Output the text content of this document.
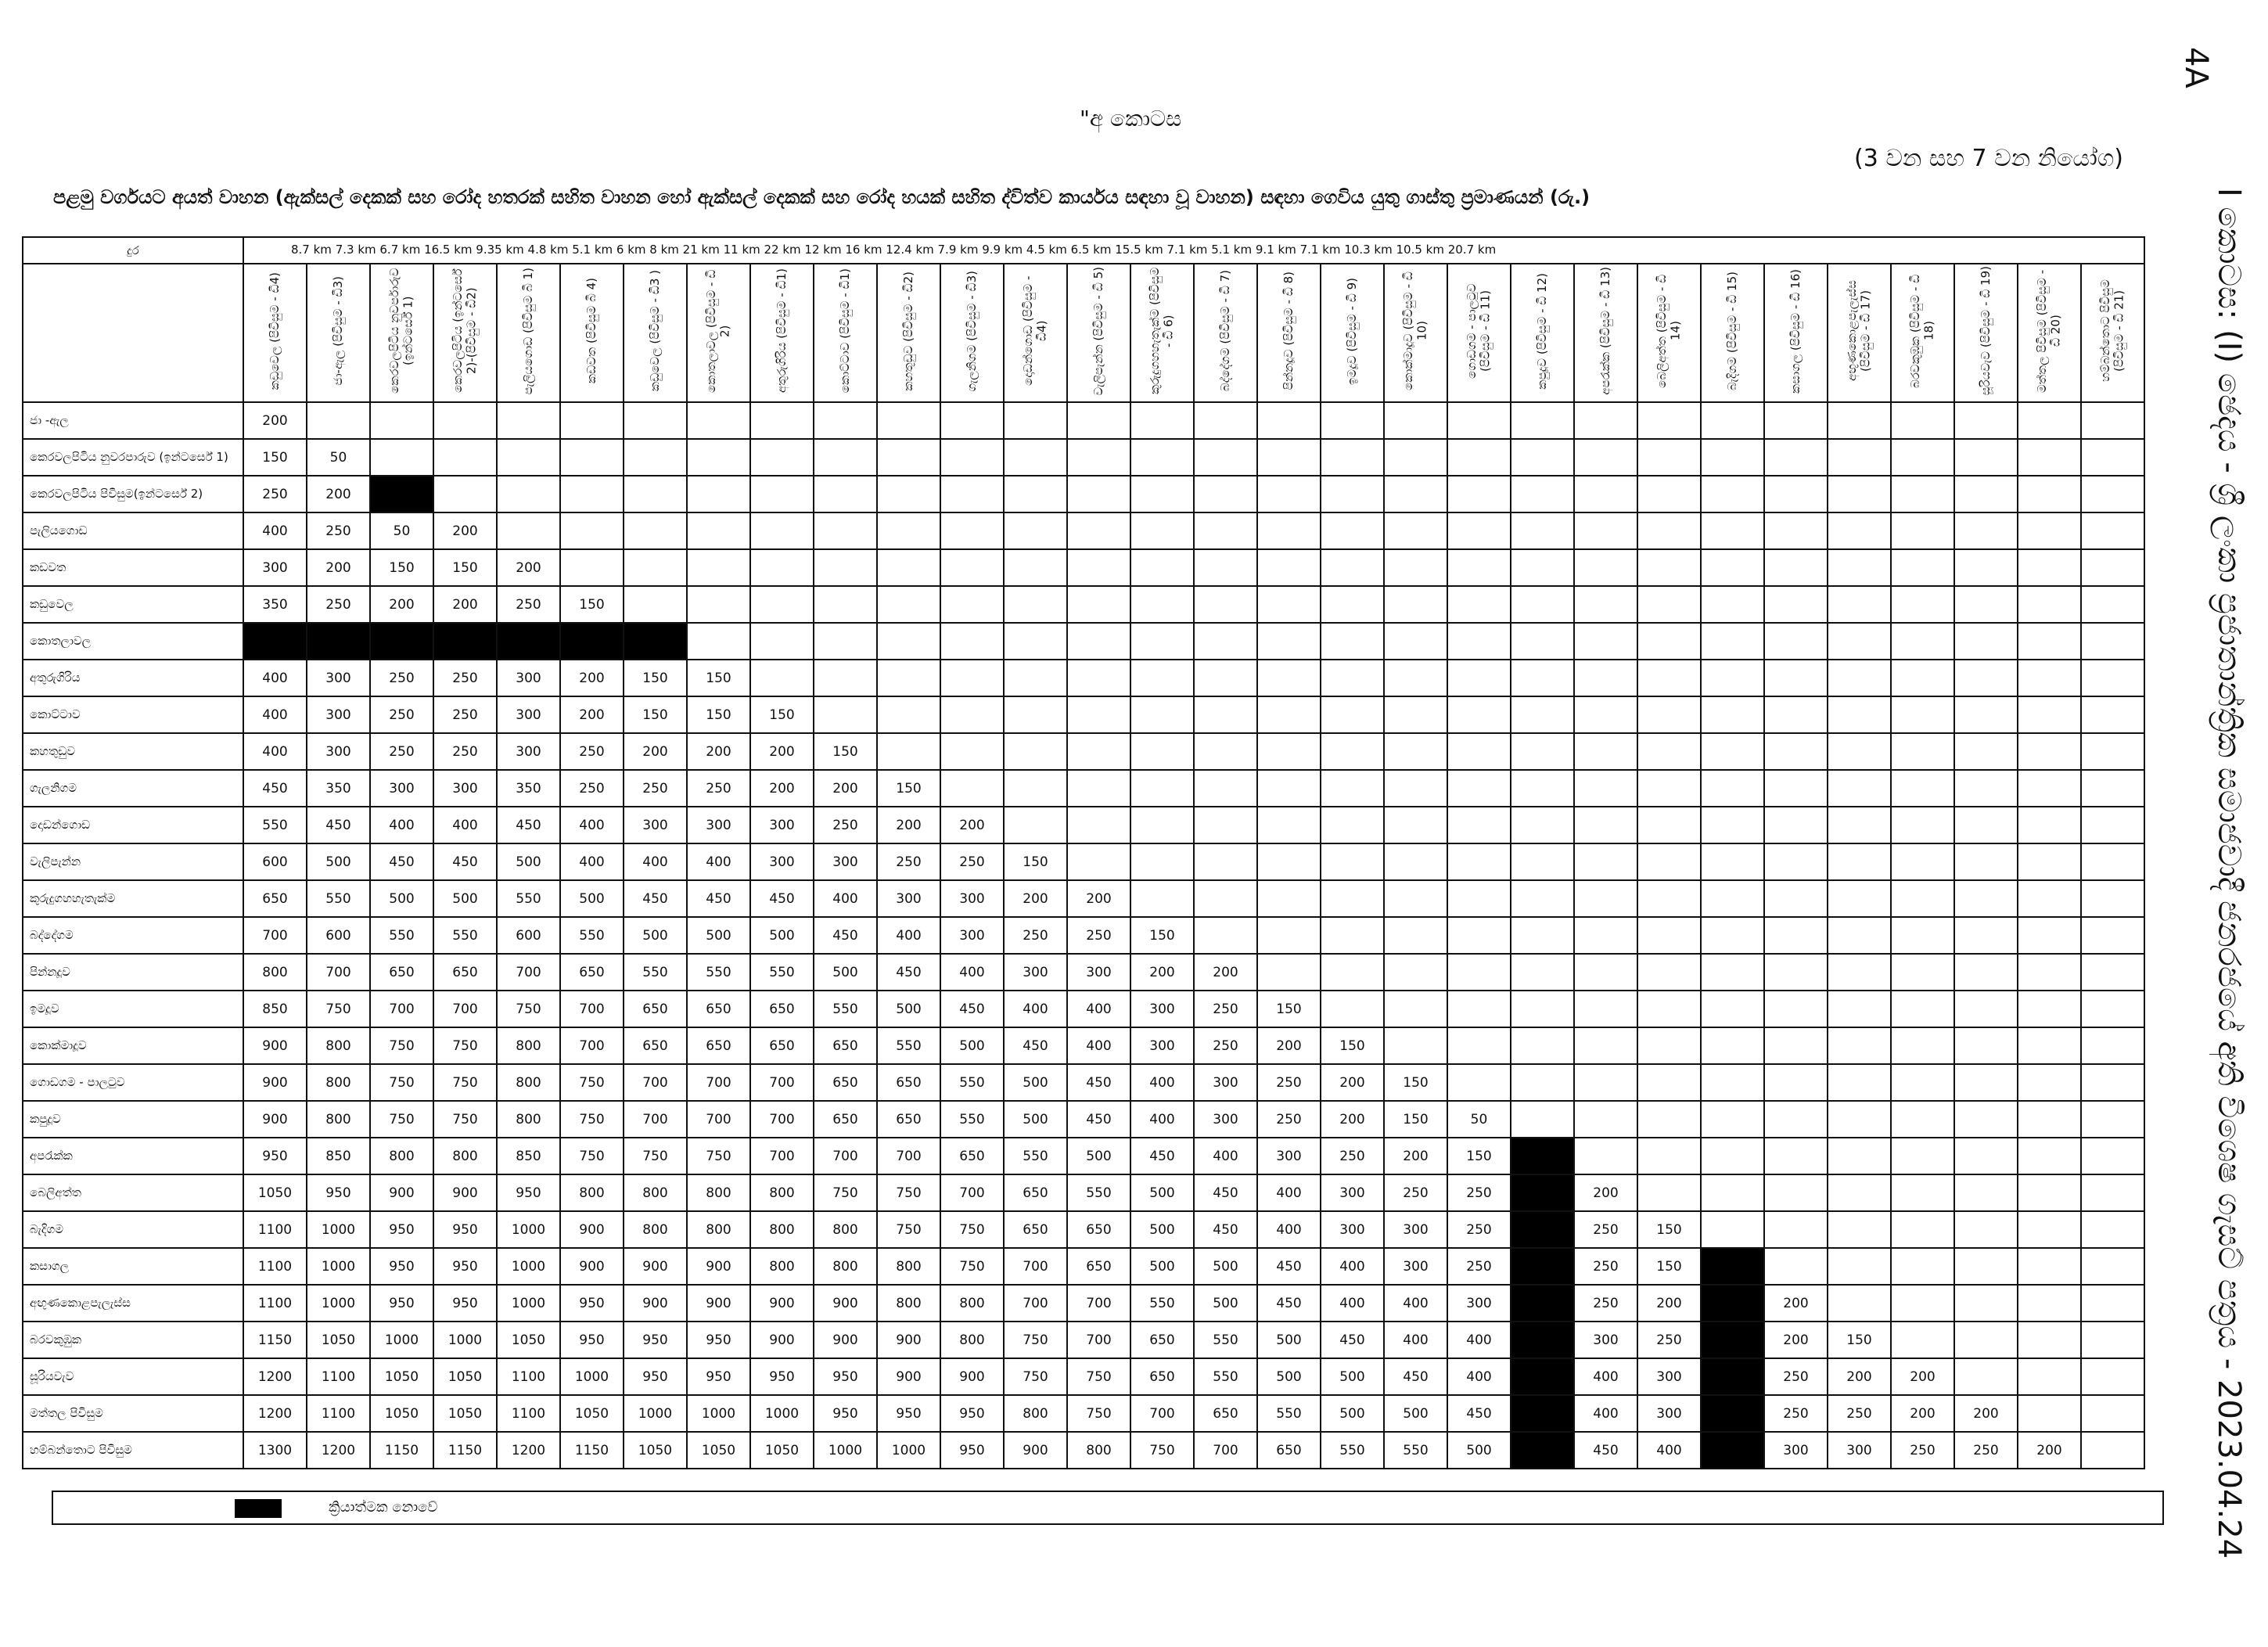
4A
I කොටස: (I) ඡෙදය - ශ්‍රී ලංකා ප්‍රජාතාන්ත්‍රික සමාජවාදී ජනරජයේ අති විශෙෂ ගැසට් පත්‍රය - 2023.04.24
"අ කොටස
(3 වන සහ 7 වන නියෝග)
පළමු වර්ගයට අයත් වාහන (ඇක්සල් දෙකක් සහ රෝද හතරක් සහිත වාහන හෝ ඇක්සල් දෙකක් සහ රෝද හයක් සහිත ද්විත්ව කාර්යය සඳහා වූ වාහන) සඳහා ගෙවිය යුතු ගාස්තු ප්‍රමාණයන් (රු.)
දුර	8.7 km 7.3 km 6.7 km 16.5 km 9.35 km 4.8 km 5.1 km 6 km 8 km 21 km 11 km 22 km 12 km 16 km 12.4 km 7.9 km 9.9 km 4.5 km 6.5 km 15.5 km 7.1 km 5.1 km 9.1 km 7.1 km 10.3 km 10.5 km 20.7 km																													

	කඩුවෙල (පිවිසුම - ඩී4)	ජා-ඇල (පිවිසුම - ඩී3)	කෙරවලපිටිය නුවර්පාරුව (ඉන්ටර්සේ 1)	කෙරවලපිටිය (ඉන්ටර්සේ 2)-(පිවිසුම - ඩී2)	පැලියගොඩ (පිවිසුම බී 1)	කඩවත (පිවිසුම බී 4)	කඩුවෙල (පිවිසුම - ඩී3 )	කොතලාවල (පිවිසුම - ඩී 2)	අතුරුගිරිය (පිවිසුම - ඩී1)	කොට්ටාව (පිවිසුම - ඩී1)	කහතුඩුව (පිවිසුම - ඩී2)	ගැලනිගම (පිවිසුම - ඩී3)	දොඩන්ගොඩ (පිවිසුම - ඩී4)	වැලිපැන්න (පිවිසුම - ඩී 5)	කුරුදුගහහැතැක්ම (පිවිසුම - ඩී 6)	බද්දේගම (පිවිසුම - ඩී 7)	පින්නදූව (පිවිසුම - ඩී 8)	ඉමදූව (පිවිසුම - ඩී 9)	කොක්මාදූව (පිවිසුම - ඩී 10)	ගොඩගම - පාලටුව (පිවිසුම - ඩී 11)	කපුදූව (පිවිසුම - ඩී 12)	අපරැක්ක (පිවිසුම - ඩී 13)	බෙලිඅත්ත (පිවිසුම - ඩී 14)	බැදිගම (පිවිසුම - ඩී 15)	කසාගල (පිවිසුම - ඩී 16)	අඟුණකොළපැලැස්ස (පිවිසුම - ඩී 17)	බරවකුඹුක (පිවිසුම - ඩී 18)	සූරියවැව (පිවිසුම - ඩී 19)	මත්තල පිවිසුම (පිවිසුම - ඩී 20)	හම්බන්තොට පිවිසුම (පිවිසුම - ඩී 21)
ජා -ඇල	200																													
කෙරවලපිටිය නුවරපාරුව (ඉන්ටර්සේ 1)	150	50																												
කෙරවලපිටිය පිවිසුම(ඉන්ටර්සේ 2)	250	200																												
පැලියගොඩ	400	250	50	200																										
කඩවත	300	200	150	150	200																									
කඩුවෙල	350	250	200	200	250	150																								
කොතලාවල																														
අතුරුගිරිය	400	300	250	250	300	200	150	150																						
කොට්ටාව	400	300	250	250	300	200	150	150	150																					
කහතුඩුව	400	300	250	250	300	250	200	200	200	150																				
ගැලනිගම	450	350	300	300	350	250	250	250	200	200	150																			
දොඩන්ගොඩ	550	450	400	400	450	400	300	300	300	250	200	200																		
වැලිපැන්න	600	500	450	450	500	400	400	400	300	300	250	250	150																	
කුරුදුගහහැතැක්ම	650	550	500	500	550	500	450	450	450	400	300	300	200	200																
බද්දේගම	700	600	550	550	600	550	500	500	500	450	400	300	250	250	150															
පින්නදූව	800	700	650	650	700	650	550	550	550	500	450	400	300	300	200	200														
ඉමදූව	850	750	700	700	750	700	650	650	650	550	500	450	400	400	300	250	150													
කොක්මාදූව	900	800	750	750	800	700	650	650	650	650	550	500	450	400	300	250	200	150												
ගොඩගම - පාලටුව	900	800	750	750	800	750	700	700	700	650	650	550	500	450	400	300	250	200	150											
කපුදූව	900	800	750	750	800	750	700	700	700	650	650	550	500	450	400	300	250	200	150	50										
අපරැක්ක	950	850	800	800	850	750	750	750	700	700	700	650	550	500	450	400	300	250	200	150										
බෙලිඅත්ත	1050	950	900	900	950	800	800	800	800	750	750	700	650	550	500	450	400	300	250	250		200								
බැදිගම	1100	1000	950	950	1000	900	800	800	800	800	750	750	650	650	500	450	400	300	300	250		250	150							
කසාගල	1100	1000	950	950	1000	900	900	900	800	800	800	750	700	650	500	500	450	400	300	250		250	150							
අඟුණකොළපැලැස්ස	1100	1000	950	950	1000	950	900	900	900	900	800	800	700	700	550	500	450	400	400	300		250	200		200					
බරවකුඹුක	1150	1050	1000	1000	1050	950	950	950	900	900	900	800	750	700	650	550	500	450	400	400		300	250		200	150				
සූරියවැව	1200	1100	1050	1050	1100	1000	950	950	950	950	900	900	750	750	650	550	500	500	450	400		400	300		250	200	200			
මත්තල පිවිසුම	1200	1100	1050	1050	1100	1050	1000	1000	1000	950	950	950	800	750	700	650	550	500	500	450		400	300		250	250	200	200		
හම්බන්තොට පිවිසුම	1300	1200	1150	1150	1200	1150	1050	1050	1050	1000	1000	950	900	800	750	700	650	550	550	500		450	400		300	300	250	250	200	
ක්‍රියාත්මක නොවේ
